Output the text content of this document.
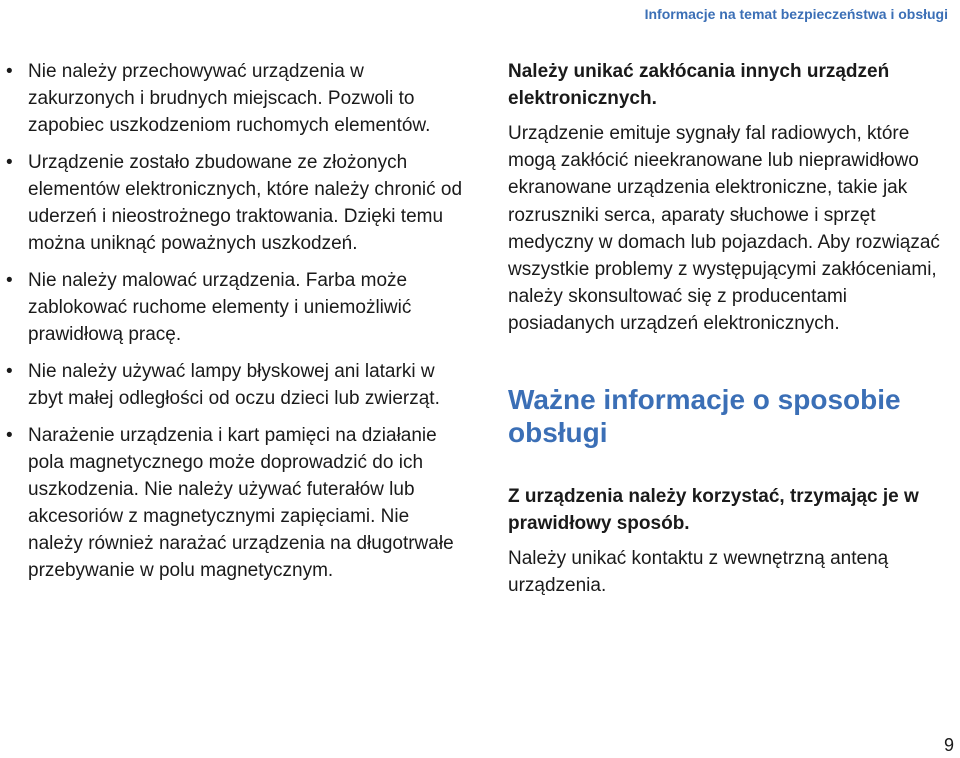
Informacje na temat bezpieczeństwa i obsługi
• Nie należy przechowywać urządzenia w zakurzonych i brudnych miejscach. Pozwoli to zapobiec uszkodzeniom ruchomych elementów.
• Urządzenie zostało zbudowane ze złożonych elementów elektronicznych, które należy chronić od uderzeń i nieostrożnego traktowania. Dzięki temu można uniknąć poważnych uszkodzeń.
• Nie należy malować urządzenia. Farba może zablokować ruchome elementy i uniemożliwić prawidłową pracę.
• Nie należy używać lampy błyskowej ani latarki w zbyt małej odległości od oczu dzieci lub zwierząt.
• Narażenie urządzenia i kart pamięci na działanie pola magnetycznego może doprowadzić do ich uszkodzenia. Nie należy używać futerałów lub akcesoriów z magnetycznymi zapięciami. Nie należy również narażać urządzenia na długotrwałe przebywanie w polu magnetycznym.
Należy unikać zakłócania innych urządzeń elektronicznych.

Urządzenie emituje sygnały fal radiowych, które mogą zakłócić nieekranowane lub nieprawidłowo ekranowane urządzenia elektroniczne, takie jak rozruszniki serca, aparaty słuchowe i sprzęt medyczny w domach lub pojazdach. Aby rozwiązać wszystkie problemy z występującymi zakłóceniami, należy skonsultować się z producentami posiadanych urządzeń elektronicznych.

Ważne informacje o sposobie obsługi
Z urządzenia należy korzystać, trzymając je w prawidłowy sposób.

Należy unikać kontaktu z wewnętrzną anteną urządzenia.

9
